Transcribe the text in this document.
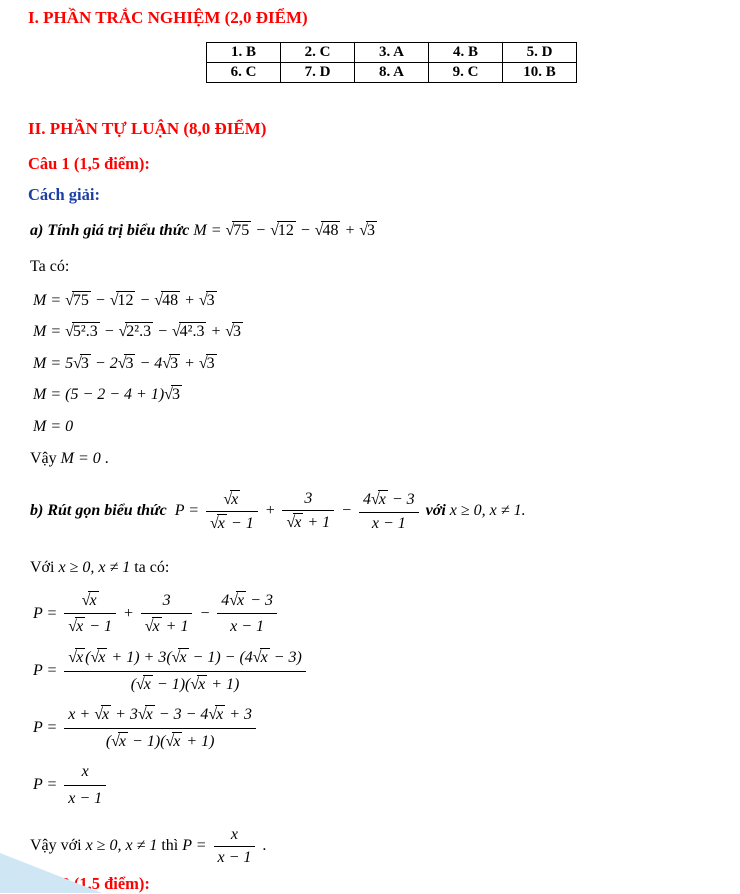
I. PHẦN TRẮC NGHIỆM (2,0 ĐIỂM)
1. B	2. C	3. A	4. B	5. D
6. C	7. D	8. A	9. C	10. B
II. PHẦN TỰ LUẬN (8,0 ĐIỂM)

Câu 1 (1,5 điểm):

Cách giải:

a) Tính giá trị biểu thức M = √75 − √12 − √48 + √3

Ta có:

M = √75 − √12 − √48 + √3
M = √5².3 − √2².3 − √4².3 + √3
M = 5√3 − 2√3 − 4√3 + √3
M = (5 − 2 − 4 + 1)√3
M = 0
Vậy M = 0 .
b) Rút gọn biểu thức $P = \frac{√x}{√x - 1} + \frac{3}{√x + 1} - \frac{4√x - 3}{x - 1}$ với x ≥ 0, x ≠ 1.
Với x ≥ 0, x ≠ 1 ta có:
$P = \frac{√x}{√x - 1} + \frac{3}{√x + 1} - \frac{4√x - 3}{x - 1}$
$P = \frac{√x (√x + 1) + 3(√x - 1) - (4√x - 3)}{(√x - 1)(√x + 1)}$
$P = \frac{x + √x + 3√x - 3 - 4√x + 3}{(√x - 1)(√x + 1)}$
$P = \frac{x}{x - 1}$
Vậy với x ≥ 0, x ≠ 1 thì $P = \frac{x}{x - 1}$ .

Câu 2 (1,5 điểm):
